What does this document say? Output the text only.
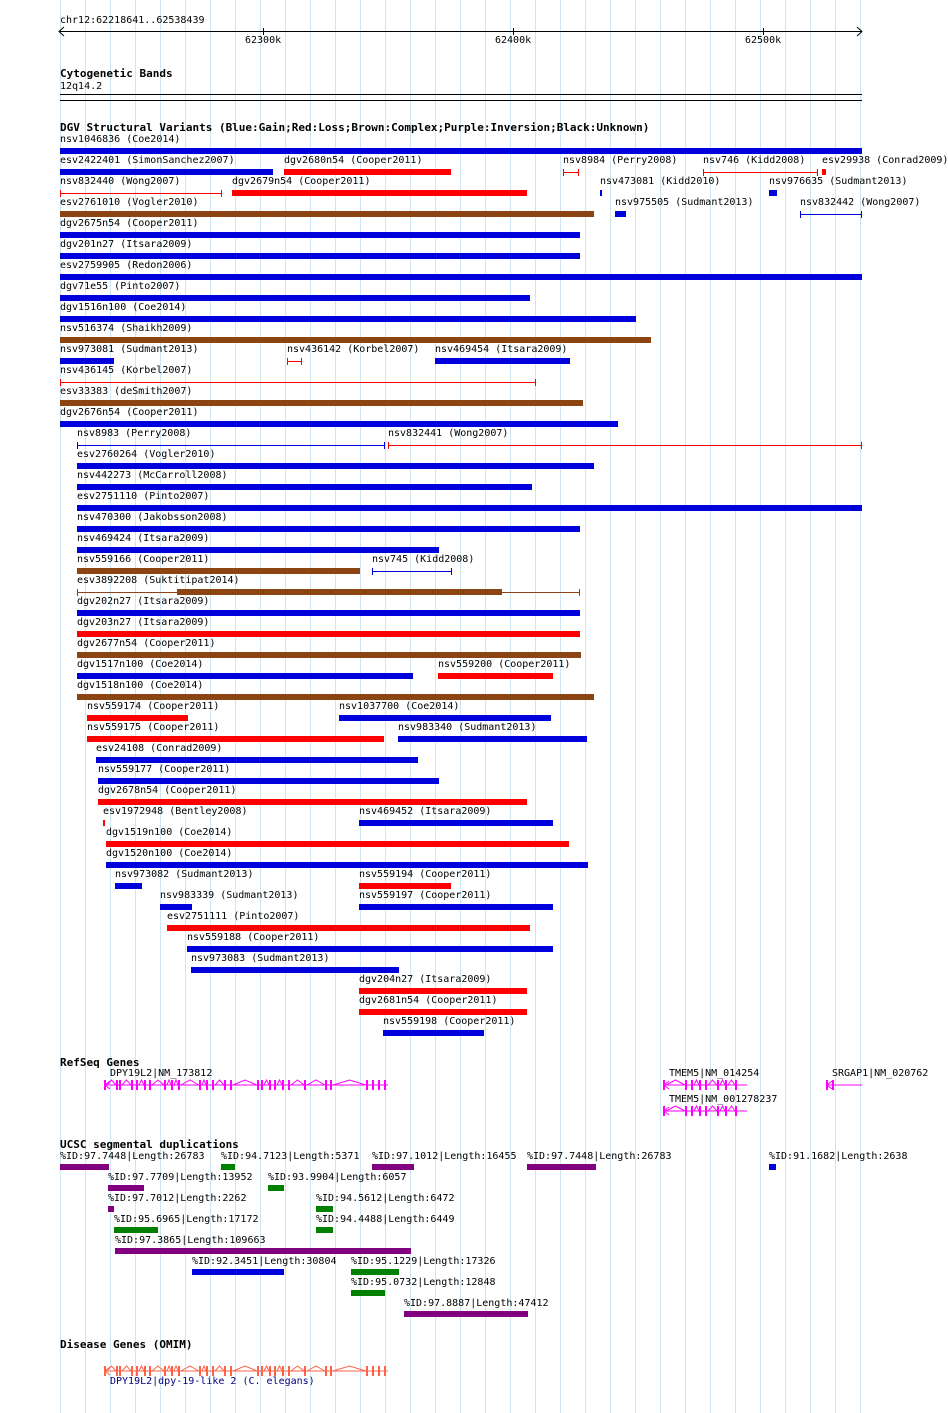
chr12:62218641..62538439
62300k	62400k	62500k
Cytogenetic Bands
12q14.2
DGV Structural Variants (Blue:Gain;Red:Loss;Brown:Complex;Purple:Inversion;Black:Unknown)
RefSeq Genes
UCSC segmental duplications
Disease Genes (OMIM)
nsv1046836 (Coe2014)
esv2422401 (SimonSanchez2007)	dgv2680n54 (Cooper2011)	nsv8984 (Perry2008)	nsv746 (Kidd2008) esv29938 (Conrad2009)
nsv832440 (Wong2007)	dgv2679n54 (Cooper2011)	nsv473081 (Kidd2010)	nsv976635 (Sudmant2013)
esv2761010 (Vogler2010)	nsv975505 (Sudmant2013)	nsv832442 (Wong2007)
dgv2675n54 (Cooper2011)
dgv201n27 (Itsara2009)
esv2759905 (Redon2006)
dgv71e55 (Pinto2007)
dgv1516n100 (Coe2014)
nsv516374 (Shaikh2009)
nsv973081 (Sudmant2013)	nsv436142 (Korbel2007) nsv469454 (Itsara2009)
nsv436145 (Korbel2007)
esv33383 (deSmith2007)
dgv2676n54 (Cooper2011)
nsv8983 (Perry2008)	nsv832441 (Wong2007)
esv2760264 (Vogler2010)
nsv442273 (McCarroll2008)
esv2751110 (Pinto2007)
nsv470300 (Jakobsson2008)
nsv469424 (Itsara2009)
nsv559166 (Cooper2011)	nsv745 (Kidd2008)
esv3892208 (Suktitipat2014)
dgv202n27 (Itsara2009)
dgv203n27 (Itsara2009)
dgv2677n54 (Cooper2011)
dgv1517n100 (Coe2014)	nsv559200 (Cooper2011)
dgv1518n100 (Coe2014)
nsv559174 (Cooper2011)	nsv1037700 (Coe2014)
nsv559175 (Cooper2011)	nsv983340 (Sudmant2013)
esv24108 (Conrad2009)
nsv559177 (Cooper2011)
dgv2678n54 (Cooper2011)
esv1972948 (Bentley2008)	nsv469452 (Itsara2009)
dgv1519n100 (Coe2014)
dgv1520n100 (Coe2014)
nsv973082 (Sudmant2013)	nsv559194 (Cooper2011)
nsv983339 (Sudmant2013)	nsv559197 (Cooper2011)
esv2751111 (Pinto2007)
nsv559188 (Cooper2011)
nsv973083 (Sudmant2013)
dgv204n27 (Itsara2009)
dgv2681n54 (Cooper2011)
nsv559198 (Cooper2011)
DPY19L2|NM_173812	TMEM5|NM_014254
TMEM5|NM_001278237
SRGAP1|NM_020762
%ID:97.7448|Length:26783 %ID:94.7123|Length:5371 %ID:97.1012|Length:16455 %ID:97.7448|Length:26783	%ID:91.1682|Length:2638
%ID:97.7709|Length:13952 %ID:93.9904|Length:6057
%ID:97.7012|Length:2262	%ID:94.5612|Length:6472
%ID:95.6965|Length:17172	%ID:94.4488|Length:6449
%ID:97.3865|Length:109663
%ID:92.3451|Length:30804 %ID:95.1229|Length:17326
%ID:95.0732|Length:12848
%ID:97.8887|Length:47412
DPY19L2|dpy-19-like 2 (C. elegans)
